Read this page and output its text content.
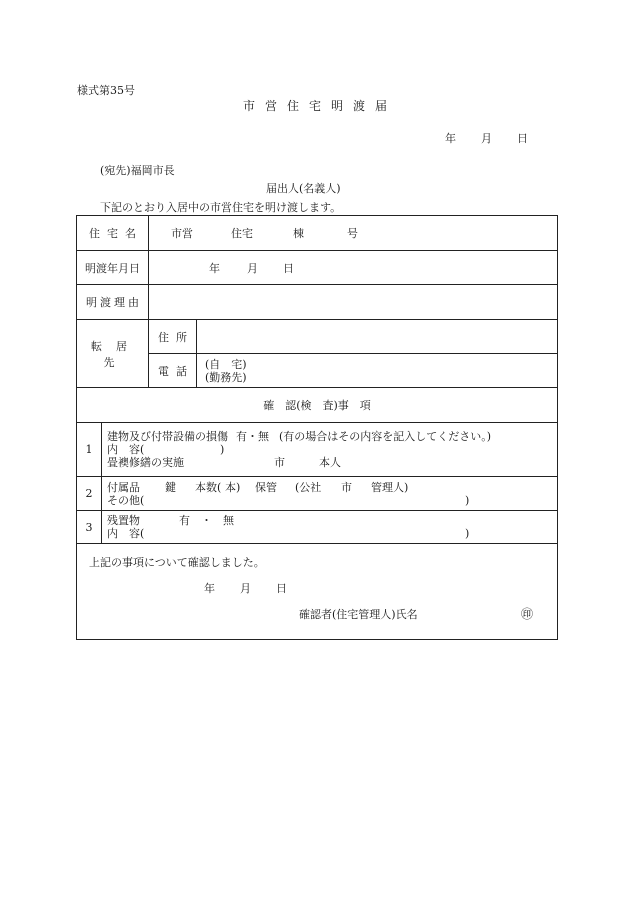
様式第35号
市営住宅明渡届
年 月 日
(宛先)福岡市長
届出人(名義人)
下記のとおり入居中の市営住宅を明け渡します。
住宅名		市営 住宅 棟 号	
明渡年月日		年 月 日	
明渡理由			
転居先		住所	
		電話	(自　宅)
(勤務先)

確　認(検　査)事　項			
1	建物及び付帯設備の損傷 有・無 (有の場合はその内容を記入してください。)
内　容( )
畳襖修繕の実施 市 本人		

2	付属品 鍵 本数( 本) 保管 (公社 市 管理人)
その他( )		

3	残置物 有 ・ 無
内　容( )		

上記の事項について確認しました。
年 月 日
確認者(住宅管理人)氏名 ㊞			
